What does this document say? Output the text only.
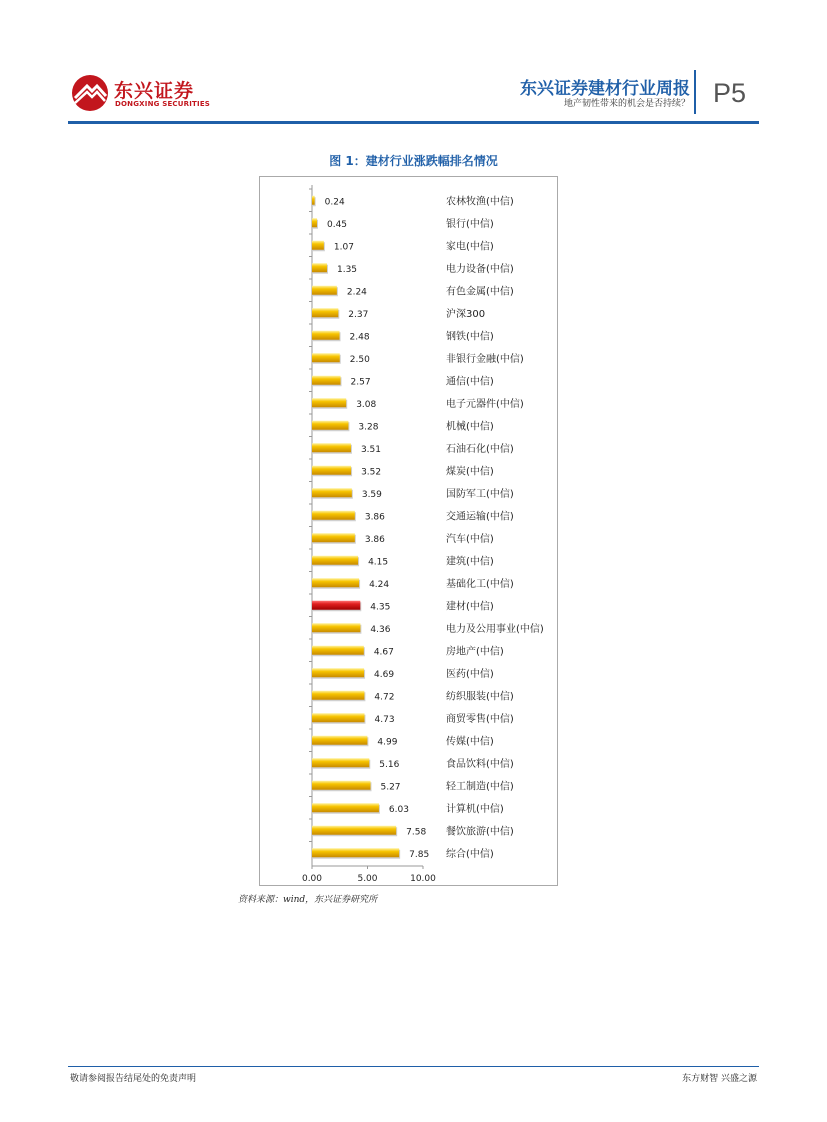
东兴证券
DONGXING SECURITIES
东兴证券建材行业周报
地产韧性带来的机会是否持续？ P5
图 1：建材行业涨跌幅排名情况
0.24	农林牧渔(中信)
0.45	银行(中信)
1.07	家电(中信)
1.35	电力设备(中信)
2.24	有色金属(中信)
2.37	沪深300
2.48	钢铁(中信)
2.50	非银行金融(中信)
2.57	通信(中信)
3.08	电子元器件(中信)
3.28	机械(中信)
3.51	石油石化(中信)
3.52	煤炭(中信)
3.59	国防军工(中信)
3.86	交通运输(中信)
3.86	汽车(中信)
4.15	建筑(中信)
4.24	基础化工(中信)
4.35	建材(中信)
4.36	电力及公用事业(中信)
4.67	房地产(中信)
4.69	医药(中信)
4.72	纺织服装(中信)
4.73	商贸零售(中信)
4.99	传媒(中信)
5.16	食品饮料(中信)
5.27	轻工制造(中信)
6.03	计算机(中信)
7.58 餐饮旅游(中信)
7.85 综合(中信)
0.00	5.00	10.00
资料来源：wind，东兴证券研究所
敬请参阅报告结尾处的免责声明	东方财智 兴盛之源
